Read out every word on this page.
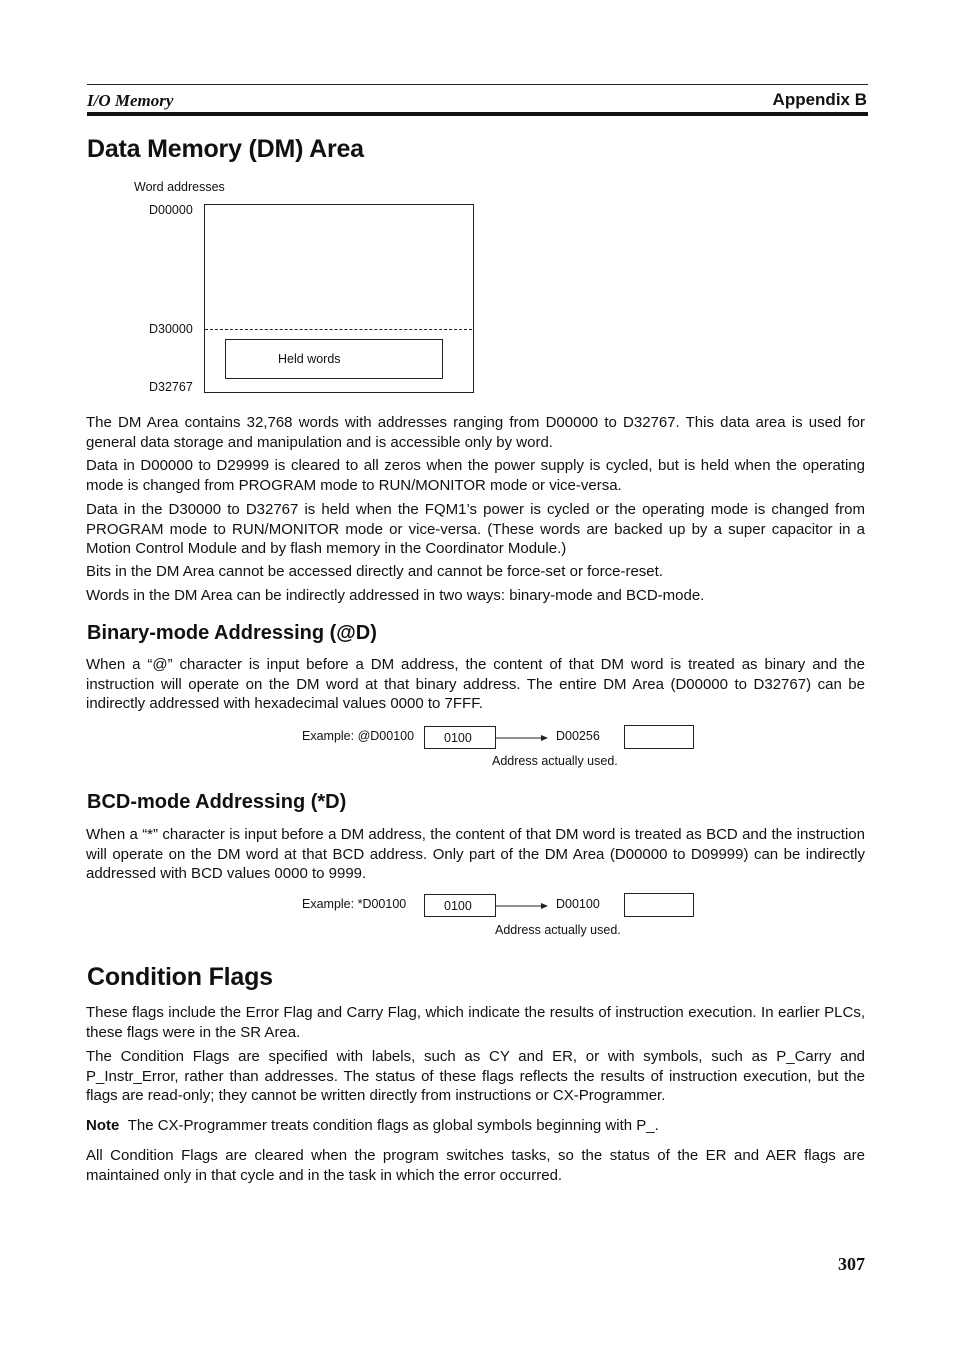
I/O Memory	Appendix B
Data Memory (DM) Area
Word addresses
D00000
D30000
D32767
Held words

The DM Area contains 32,768 words with addresses ranging from D00000 to D32767. This data area is used for general data storage and manipulation and is accessible only by word.

Data in D00000 to D29999 is cleared to all zeros when the power supply is cycled, but is held when the operating mode is changed from PROGRAM mode to RUN/MONITOR mode or vice-versa.

Data in the D30000 to D32767 is held when the FQM1’s power is cycled or the operating mode is changed from PROGRAM mode to RUN/MONITOR mode or vice-versa. (These words are backed up by a super capacitor in a Motion Control Module and by flash memory in the Coordinator Module.)

Bits in the DM Area cannot be accessed directly and cannot be force-set or force-reset.

Words in the DM Area can be indirectly addressed in two ways: binary-mode and BCD-mode.

Binary-mode Addressing (@D)

When a “@” character is input before a DM address, the content of that DM word is treated as binary and the instruction will operate on the DM word at that binary address. The entire DM Area (D00000 to D32767) can be indirectly addressed with hexadecimal values 0000 to 7FFF.

Example: @D00100 0100	D00256
Address actually used.
BCD-mode Addressing (*D)

When a “*” character is input before a DM address, the content of that DM word is treated as BCD and the instruction will operate on the DM word at that BCD address. Only part of the DM Area (D00000 to D09999) can be indirectly addressed with BCD values 0000 to 9999.

Example: *D00100	0100	D00100
Address actually used.
Condition Flags

These flags include the Error Flag and Carry Flag, which indicate the results of instruction execution. In earlier PLCs, these flags were in the SR Area.

The Condition Flags are specified with labels, such as CY and ER, or with symbols, such as P_Carry and P_Instr_Error, rather than addresses. The status of these flags reflects the results of instruction execution, but the flags are read-only; they cannot be written directly from instructions or CX-Programmer.

Note The CX-Programmer treats condition flags as global symbols beginning with P_.

All Condition Flags are cleared when the program switches tasks, so the status of the ER and AER flags are maintained only in that cycle and in the task in which the error occurred.

307
